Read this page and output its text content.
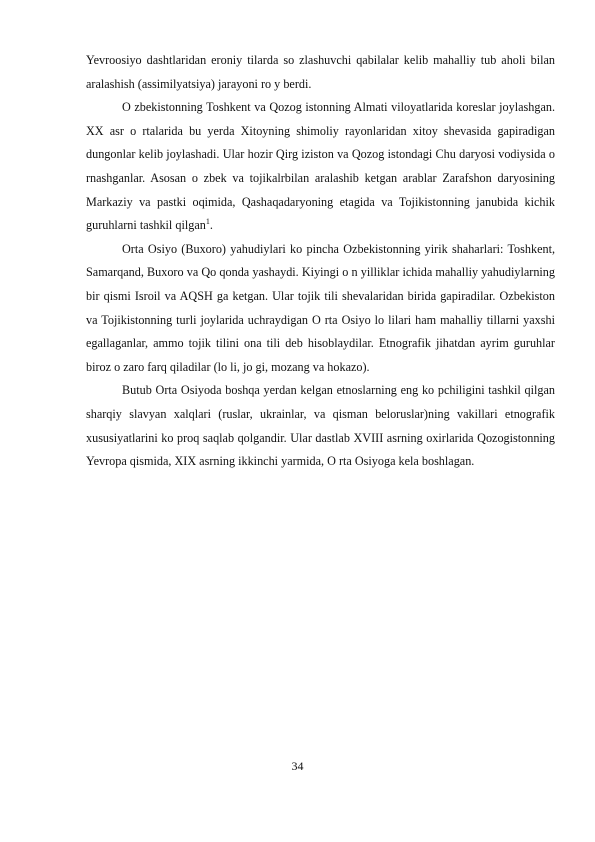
Yevroosiyo dashtlaridan eroniy tilarda so zlashuvchi qabilalar kelib mahalliy tub aholi bilan aralashish (assimilyatsiya) jarayoni ro y berdi.

O zbekistonning Toshkent va Qozog istonning Almati viloyatlarida koreslar joylashgan. XX asr o rtalarida bu yerda Xitoyning shimoliy rayonlaridan xitoy shevasida gapiradigan dungonlar kelib joylashadi. Ular hozir Qirg iziston va Qozog istondagi Chu daryosi vodiysida o rnashganlar. Asosan o zbek va tojikalrbilan aralashib ketgan arablar Zarafshon daryosining Markaziy va pastki oqimida, Qashaqadaryoning etagida va Tojikistonning janubida kichik guruhlarni tashkil qilgan$^1$.

Orta Osiyo (Buxoro) yahudiylari ko pincha Ozbekistonning yirik shaharlari: Toshkent, Samarqand, Buxoro va Qo qonda yashaydi. Kiyingi o n yilliklar ichida mahalliy yahudiylarning bir qismi Isroil va AQSH ga ketgan. Ular tojik tili shevalaridan birida gapiradilar. Ozbekiston va Tojikistonning turli joylarida uchraydigan O rta Osiyo lo lilari ham mahalliy tillarni yaxshi egallaganlar, ammo tojik tilini ona tili deb hisoblaydilar. Etnografik jihatdan ayrim guruhlar biroz o zaro farq qiladilar (lo li, jo gi, mozang va hokazo).

Butub Orta Osiyoda boshqa yerdan kelgan etnoslarning eng ko pchiligini tashkil qilgan sharqiy slavyan xalqlari (ruslar, ukrainlar, va qisman beloruslar)ning vakillari etnografik xususiyatlarini ko proq saqlab qolgandir. Ular dastlab XVIII asrning oxirlarida Qozogistonning Yevropa qismida, XIX asrning ikkinchi yarmida, O rta Osiyoga kela boshlagan.

34
